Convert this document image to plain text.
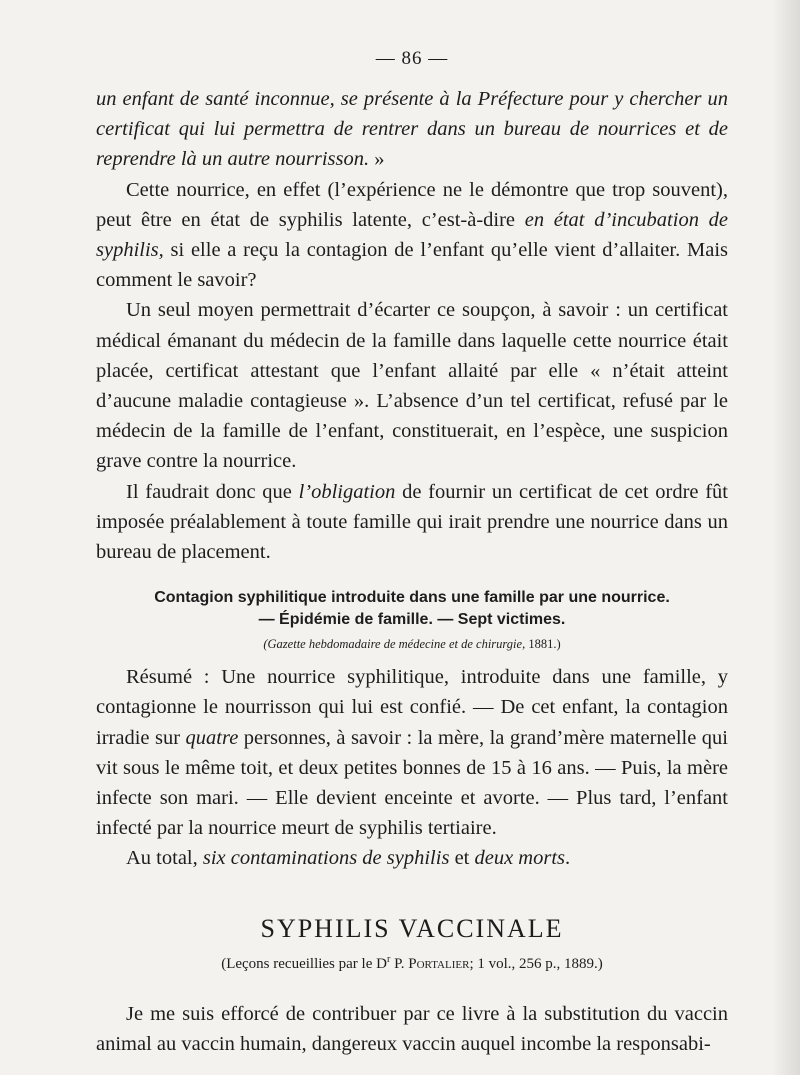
— 86 —

un enfant de santé inconnue, se présente à la Préfecture pour y chercher un certificat qui lui permettra de rentrer dans un bureau de nourrices et de reprendre là un autre nourrisson. »

Cette nourrice, en effet (l’expérience ne le démontre que trop souvent), peut être en état de syphilis latente, c’est-à-dire en état d’incubation de syphilis, si elle a reçu la contagion de l’enfant qu’elle vient d’allaiter. Mais comment le savoir?

Un seul moyen permettrait d’écarter ce soupçon, à savoir : un certificat médical émanant du médecin de la famille dans laquelle cette nourrice était placée, certificat attestant que l’enfant allaité par elle « n’était atteint d’aucune maladie contagieuse ». L’absence d’un tel certificat, refusé par le médecin de la famille de l’enfant, constituerait, en l’espèce, une suspicion grave contre la nourrice.

Il faudrait donc que l’obligation de fournir un certificat de cet ordre fût imposée préalablement à toute famille qui irait prendre une nourrice dans un bureau de placement.

Contagion syphilitique introduite dans une famille par une nourrice.
— Épidémie de famille. — Sept victimes.
(Gazette hebdomadaire de médecine et de chirurgie, 1881.)

Résumé : Une nourrice syphilitique, introduite dans une famille, y contagionne le nourrisson qui lui est confié. — De cet enfant, la contagion irradie sur quatre personnes, à savoir : la mère, la grand’mère maternelle qui vit sous le même toit, et deux petites bonnes de 15 à 16 ans. — Puis, la mère infecte son mari. — Elle devient enceinte et avorte. — Plus tard, l’enfant infecté par la nourrice meurt de syphilis tertiaire.

Au total, six contaminations de syphilis et deux morts.

SYPHILIS VACCINALE
(Leçons recueillies par le $D^r$ P. Portalier; 1 vol., 256 p., 1889.)

Je me suis efforcé de contribuer par ce livre à la substitution du vaccin animal au vaccin humain, dangereux vaccin auquel incombe la responsabi-
